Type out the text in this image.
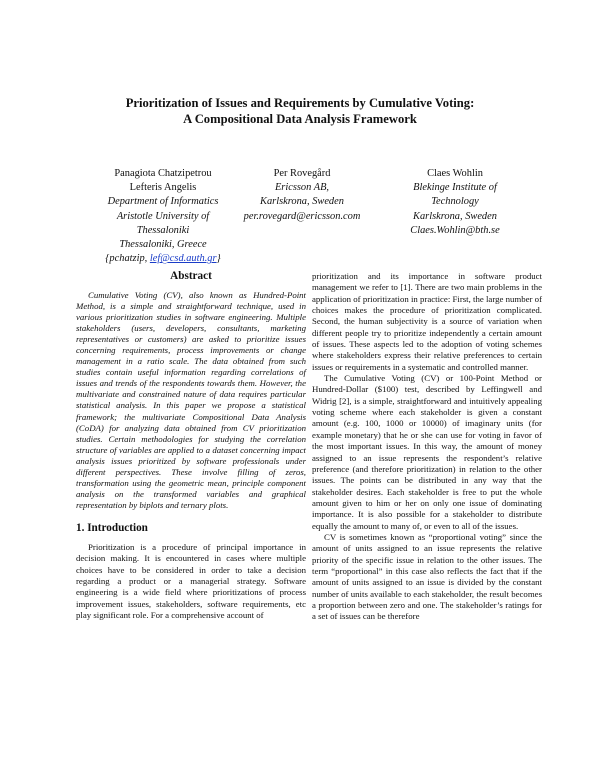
Prioritization of Issues and Requirements by Cumulative Voting:
A Compositional Data Analysis Framework
Panagiota Chatzipetrou
Lefteris Angelis
Department of Informatics
Aristotle University of
Thessaloniki
Thessaloniki, Greece
{pchatzip, lef@csd.auth.gr}
Per Rovegård
Ericsson AB,
Karlskrona, Sweden
per.rovegard@ericsson.com
Claes Wohlin
Blekinge Institute of
Technology
Karlskrona, Sweden
Claes.Wohlin@bth.se
Abstract

Cumulative Voting (CV), also known as Hundred-Point Method, is a simple and straightforward technique, used in various prioritization studies in software engineering. Multiple stakeholders (users, developers, consultants, marketing representatives or customers) are asked to prioritize issues concerning requirements, process improvements or change management in a ratio scale. The data obtained from such studies contain useful information regarding correlations of issues and trends of the respondents towards them. However, the multivariate and constrained nature of data requires particular statistical analysis. In this paper we propose a statistical framework; the multivariate Compositional Data Analysis (CoDA) for analyzing data obtained from CV prioritization studies. Certain methodologies for studying the correlation structure of variables are applied to a dataset concerning impact analysis issues prioritized by software professionals under different perspectives. These involve filling of zeros, transformation using the geometric mean, principle component analysis on the transformed variables and graphical representation by biplots and ternary plots.

1. Introduction

Prioritization is a procedure of principal importance in decision making. It is encountered in cases where multiple choices have to be considered in order to take a decision regarding a product or a managerial strategy. Software engineering is a wide field where prioritizations of process improvement issues, stakeholders, software requirements, etc play significant role. For a comprehensive account of

prioritization and its importance in software product management we refer to [1]. There are two main problems in the application of prioritization in practice: First, the large number of choices makes the procedure of prioritization complicated. Second, the human subjectivity is a source of variation when different people try to prioritize independently a certain amount of issues. These aspects led to the adoption of voting schemes where stakeholders express their relative preferences to certain issues or requirements in a systematic and controlled manner.

The Cumulative Voting (CV) or 100-Point Method or Hundred-Dollar ($100) test, described by Leffingwell and Widrig [2], is a simple, straightforward and intuitively appealing voting scheme where each stakeholder is given a constant amount (e.g. 100, 1000 or 10000) of imaginary units (for example monetary) that he or she can use for voting in favor of the most important issues. In this way, the amount of money assigned to an issue represents the respondent’s relative preference (and therefore prioritization) in relation to the other issues. The points can be distributed in any way that the stakeholder desires. Each stakeholder is free to put the whole amount given to him or her on only one issue of dominating importance. It is also possible for a stakeholder to distribute equally the amount to many of, or even to all of the issues.

CV is sometimes known as “proportional voting” since the amount of units assigned to an issue represents the relative priority of the specific issue in relation to the other issues. The term “proportional” in this case also reflects the fact that if the amount of units assigned to an issue is divided by the constant number of units available to each stakeholder, the result becomes a proportion between zero and one. The stakeholder’s ratings for a set of issues can be therefore
